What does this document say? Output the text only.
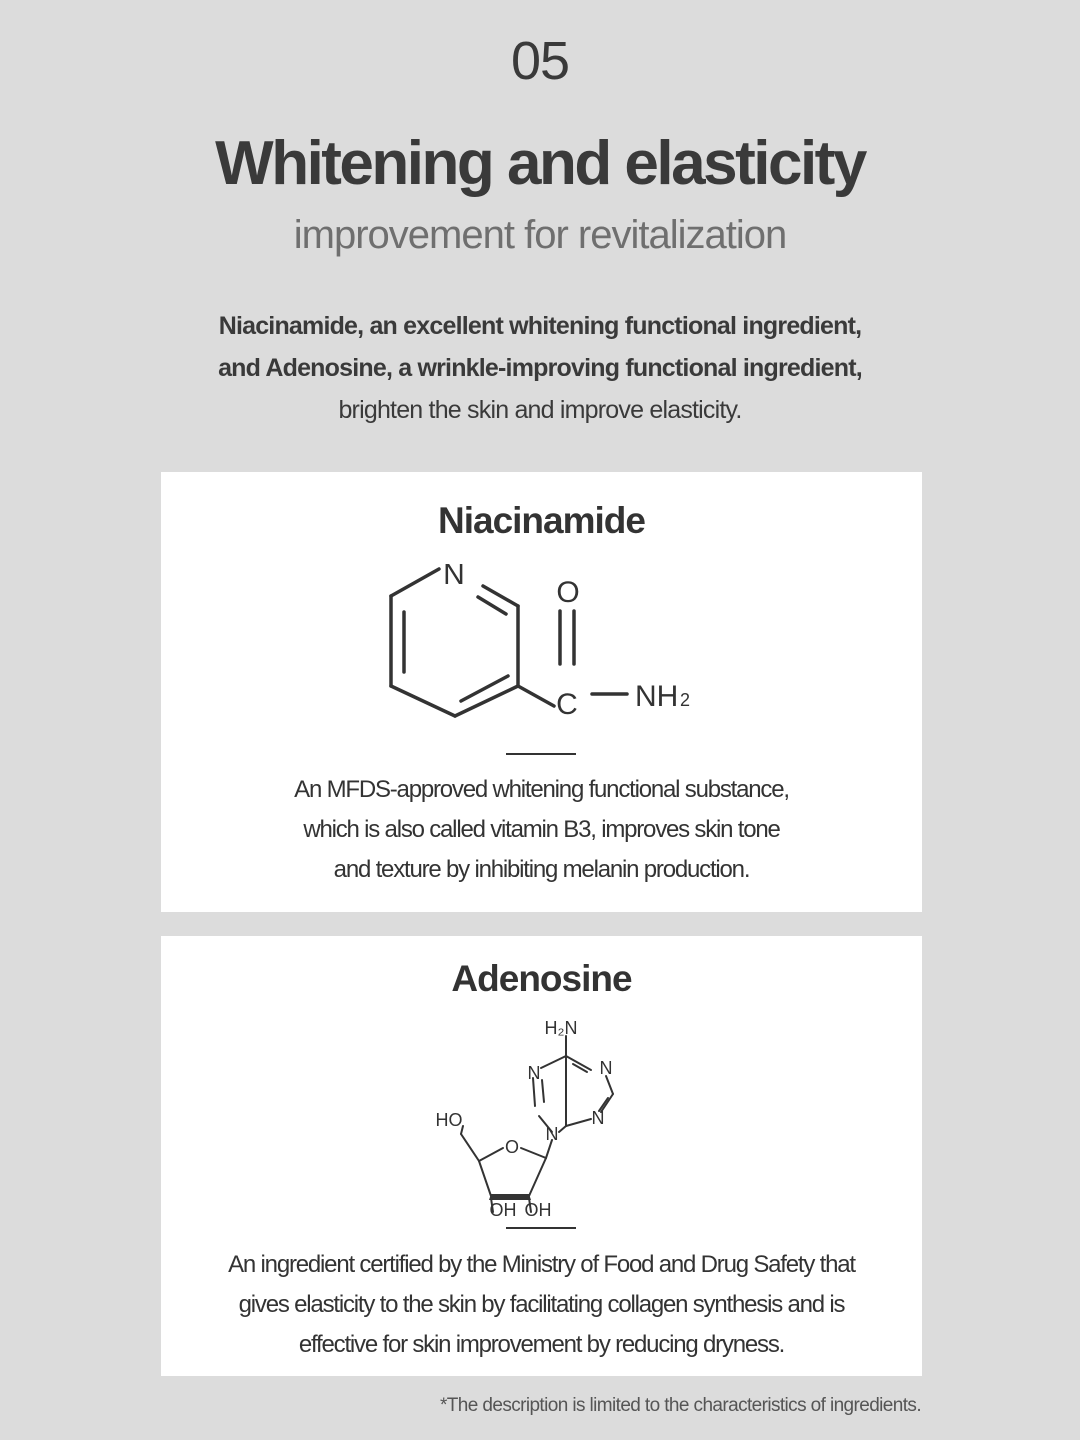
05
Whitening and elasticity
improvement for revitalization
Niacinamide, an excellent whitening functional ingredient,
and Adenosine, a wrinkle-improving functional ingredient,
brighten the skin and improve elasticity.
Niacinamide
N
O
C NH 2
An MFDS-approved whitening functional substance,
which is also called vitamin B3, improves skin tone
and texture by inhibiting melanin production.
Adenosine
H₂N
N
N
N
N
HO
O
OH OH
An ingredient certified by the Ministry of Food and Drug Safety that
gives elasticity to the skin by facilitating collagen synthesis and is
effective for skin improvement by reducing dryness.
*The description is limited to the characteristics of ingredients.
